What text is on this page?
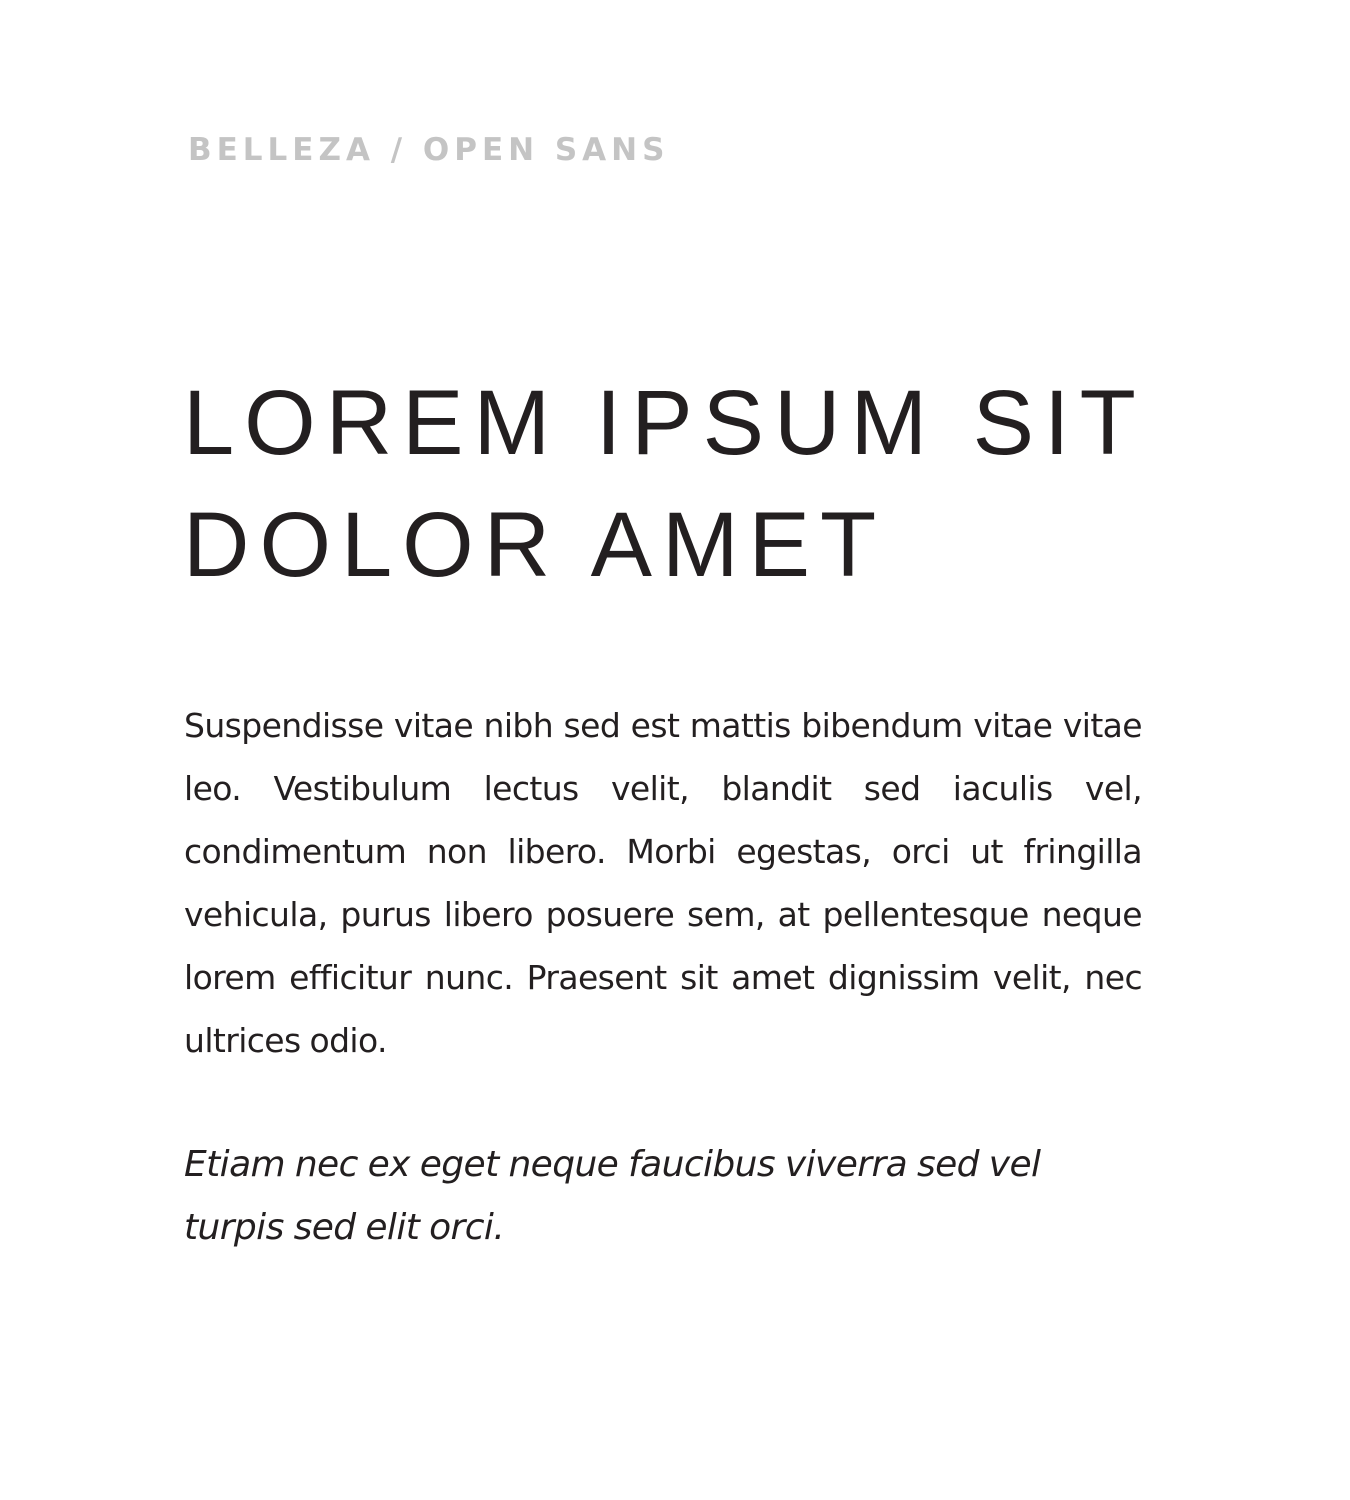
BELLEZA / OPEN SANS

LOREM IPSUM SIT
DOLOR AMET

Suspendisse vitae nibh sed est mattis bibendum vitae vitae leo. Vestibulum lectus velit, blandit sed iaculis vel, condimentum non libero. Morbi egestas, orci ut fringilla vehicula, purus libero posuere sem, at pellentesque neque lorem efficitur nunc. Praesent sit amet dignissim velit, nec ultrices odio.

Etiam nec ex eget neque faucibus viverra sed vel turpis sed elit orci.
